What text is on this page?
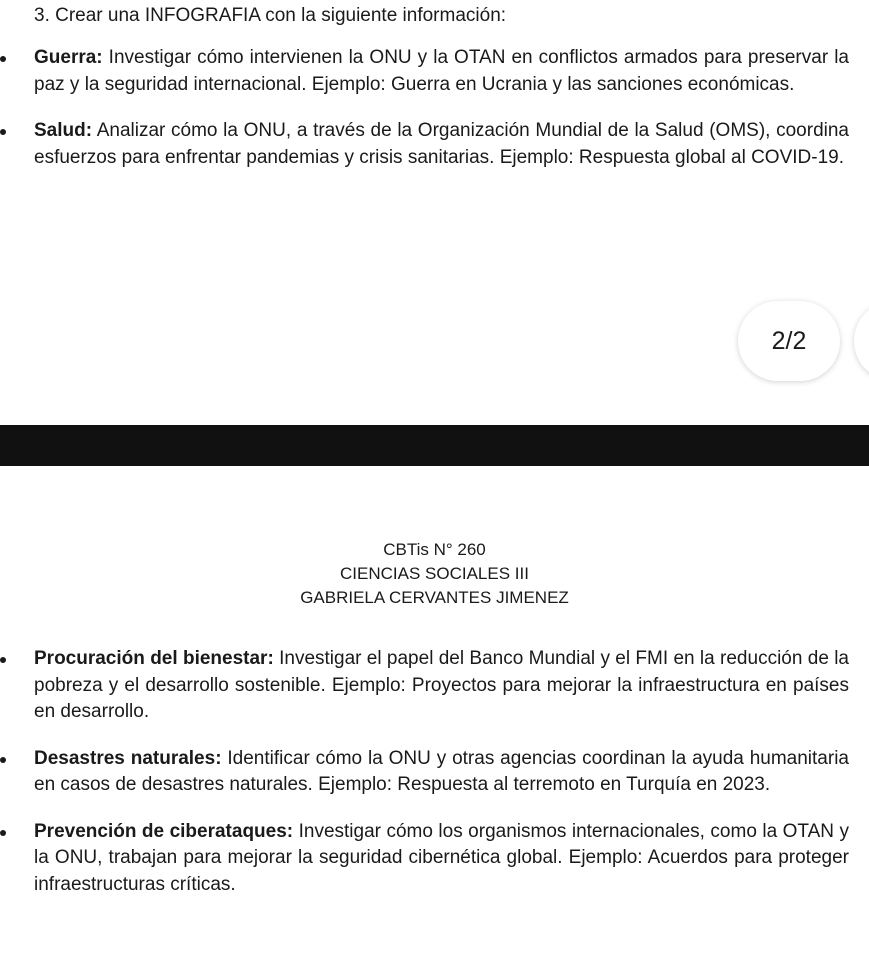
3. Crear una INFOGRAFIA con la siguiente información:
Guerra: Investigar cómo intervienen la ONU y la OTAN en conflictos armados para preservar la paz y la seguridad internacional. Ejemplo: Guerra en Ucrania y las sanciones económicas.
Salud: Analizar cómo la ONU, a través de la Organización Mundial de la Salud (OMS), coordina esfuerzos para enfrentar pandemias y crisis sanitarias. Ejemplo: Respuesta global al COVID-19.
2/2
CBTis N° 260
CIENCIAS SOCIALES III
GABRIELA CERVANTES JIMENEZ
Procuración del bienestar: Investigar el papel del Banco Mundial y el FMI en la reducción de la pobreza y el desarrollo sostenible. Ejemplo: Proyectos para mejorar la infraestructura en países en desarrollo.
Desastres naturales: Identificar cómo la ONU y otras agencias coordinan la ayuda humanitaria en casos de desastres naturales. Ejemplo: Respuesta al terremoto en Turquía en 2023.
Prevención de ciberataques: Investigar cómo los organismos internacionales, como la OTAN y la ONU, trabajan para mejorar la seguridad cibernética global. Ejemplo: Acuerdos para proteger infraestructuras críticas.
